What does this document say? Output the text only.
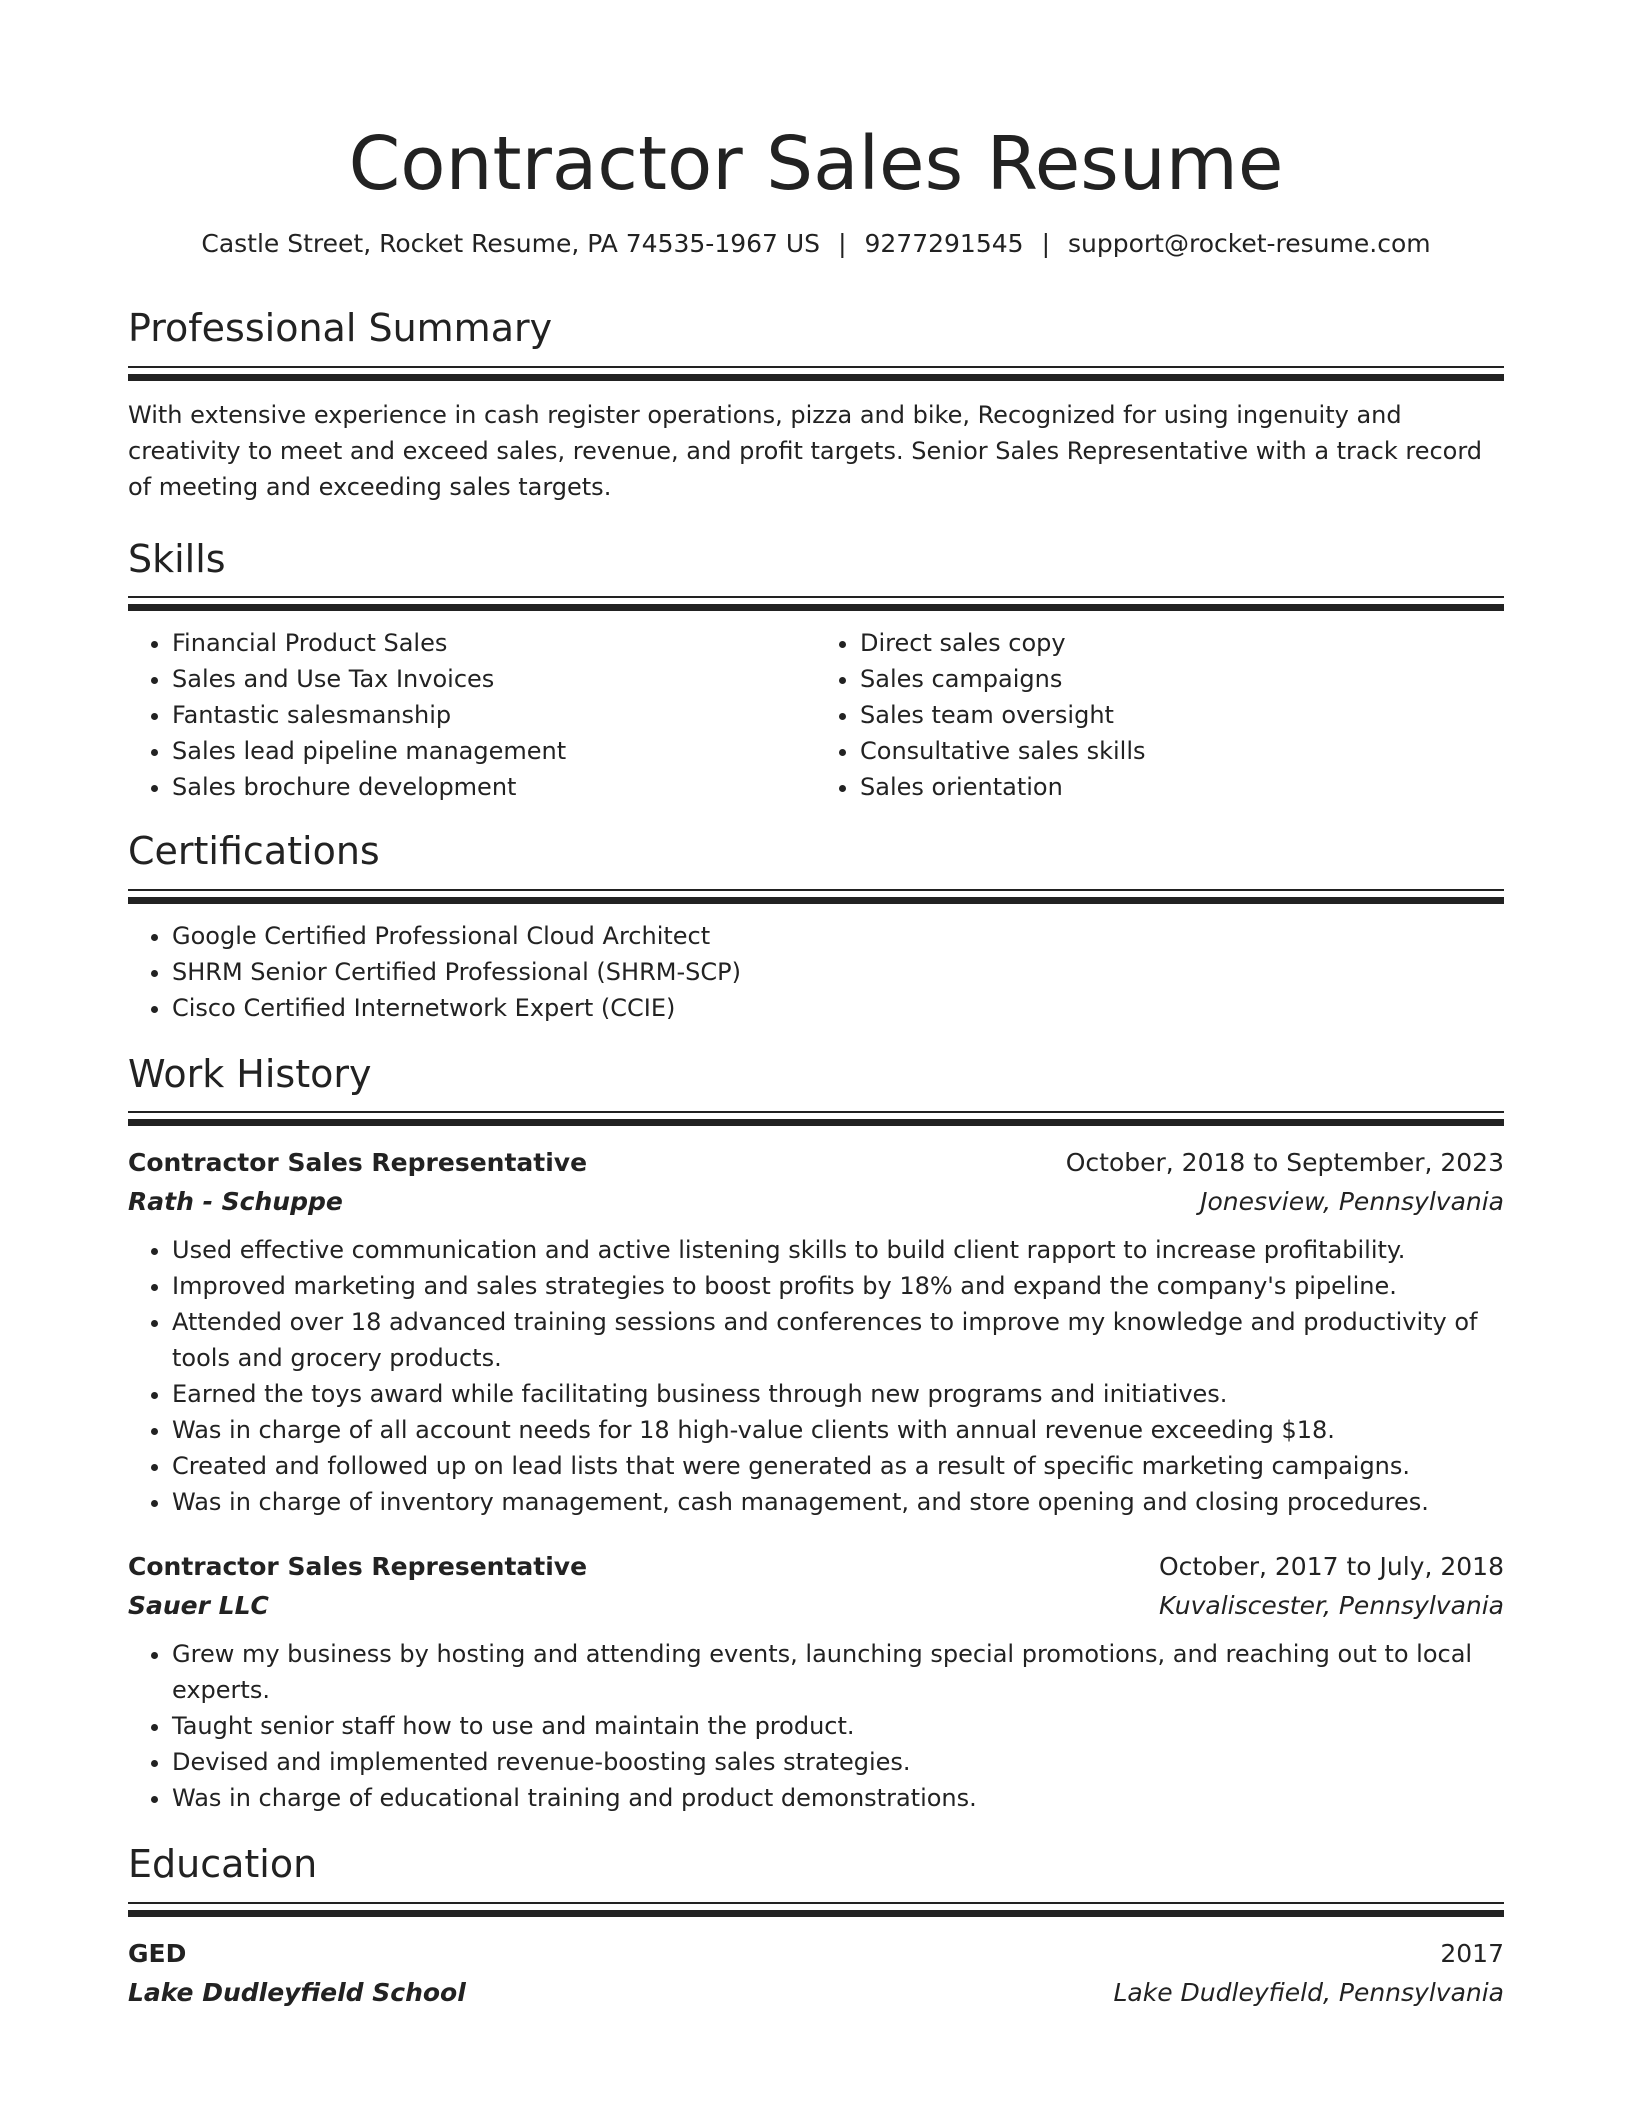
Contractor Sales Resume
Castle Street, Rocket Resume, PA 74535-1967 US | 9277291545 | support@rocket-resume.com
Professional Summary
With extensive experience in cash register operations, pizza and bike, Recognized for using ingenuity and creativity to meet and exceed sales, revenue, and profit targets. Senior Sales Representative with a track record of meeting and exceeding sales targets.
Skills
• Financial Product Sales
• Sales and Use Tax Invoices
• Fantastic salesmanship
• Sales lead pipeline management
• Sales brochure development
• Direct sales copy
• Sales campaigns
• Sales team oversight
• Consultative sales skills
• Sales orientation
Certifications
• Google Certified Professional Cloud Architect
• SHRM Senior Certified Professional (SHRM-SCP)
• Cisco Certified Internetwork Expert (CCIE)
Work History
Contractor Sales Representative	October, 2018 to September, 2023
Rath - Schuppe	Jonesview, Pennsylvania
• Used effective communication and active listening skills to build client rapport to increase profitability.
• Improved marketing and sales strategies to boost profits by 18% and expand the company's pipeline.
• Attended over 18 advanced training sessions and conferences to improve my knowledge and productivity of tools and grocery products.
• Earned the toys award while facilitating business through new programs and initiatives.
• Was in charge of all account needs for 18 high-value clients with annual revenue exceeding $18.
• Created and followed up on lead lists that were generated as a result of specific marketing campaigns.
• Was in charge of inventory management, cash management, and store opening and closing procedures.
Contractor Sales Representative	October, 2017 to July, 2018
Sauer LLC	Kuvaliscester, Pennsylvania
• Grew my business by hosting and attending events, launching special promotions, and reaching out to local experts.
• Taught senior staff how to use and maintain the product.
• Devised and implemented revenue-boosting sales strategies.
• Was in charge of educational training and product demonstrations.
Education
GED	2017
Lake Dudleyfield School	Lake Dudleyfield, Pennsylvania
